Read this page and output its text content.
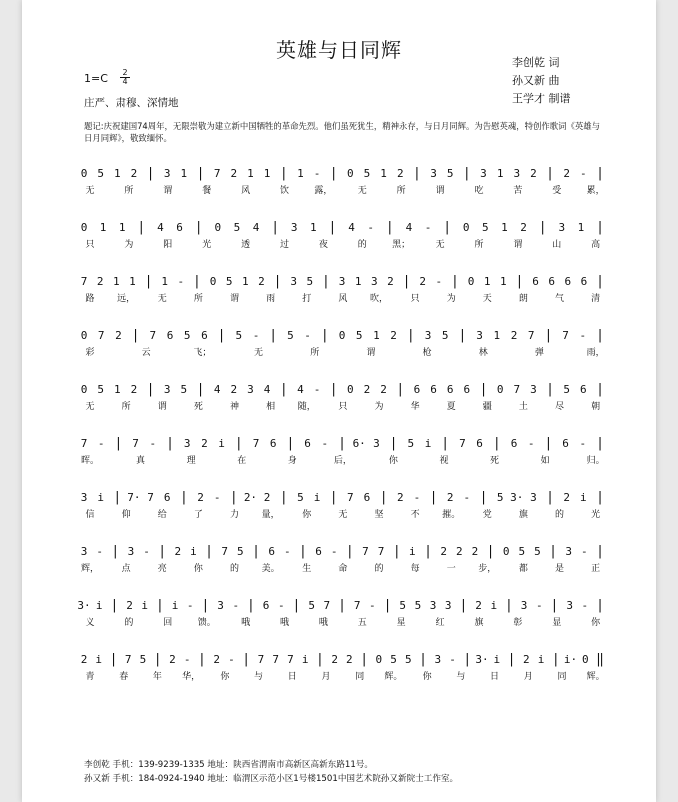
英雄与日同辉
李创乾 词
孙又新 曲
王学才 制谱
1=C	2
4
庄严、肃穆、深情地
题记:庆祝建国74周年，无限崇敬为建立新中国牺牲的革命先烈。他们虽死犹生，精神永存，与日月同辉。为告慰英魂，特创作歌词《英雄与日月同辉》，敬致缅怀。
0 5 1 2 | 3 1 | 7 2 1 1 | 1 - | 0 5 1 2 | 3 5 | 3 1 3 2 | 2 - |
无	所	谓	餐	风	饮	露，	无	所	谓	吃	苦	受	累，
0 1 1 | 4 6 | 0 5 4 | 3 1 | 4 - | 4 - | 0 5 1 2 | 3 1 |
只	为	阳	光	透	过	夜	的	黑；	无	所	谓	山	高
7 2 1 1 | 1 - | 0 5 1 2 | 3 5 | 3 1 3 2 | 2 - | 0 1 1 | 6 6 6 6 |
路	远，	无	所	谓	雨	打	风	吹，	只	为	天	朗	气	清
0 7 2 | 7 6 5 6 | 5 - | 5 - | 0 5 1 2 | 3 5 | 3 1 2 7 | 7 - |
彩	云	飞；	无	所	谓	枪	林	弹	雨，
0 5 1 2 | 3 5 | 4 2 3 4 | 4 - | 0 2 2 | 6 6 6 6 | 0 7 3 | 5 6 |
无	所	谓	死	神	相	随，	只	为	华	夏	疆	土	尽	朝
7 - | 7 - | 3 2 i | 7 6 | 6 - | 6· 3 | 5 i | 7 6 | 6 - | 6 - |
晖。	真	理	在	身	后，	你	视	死	如	归。
3 i | 7· 7 6 | 2 - | 2· 2 | 5 i | 7 6 | 2 - | 2 - | 5 3· 3 | 2 i |
信	仰	给	了	力	量，	你	无	坚	不	摧。	党	旗	的	光
3 - | 3 - | 2 i | 7 5 | 6 - | 6 - | 7 7 | i | 2 2 2 | 0 5 5 | 3 - |
辉，	点	亮	你	的	美。	生	命	的	每	一	步，	都	是	正
3· i | 2 i | i - | 3 - | 6 - | 5 7 | 7 - | 5 5 3 3 | 2 i | 3 - | 3 - |
义	的	回	馈。	哦	哦	哦	五	星	红	旗	彰	显	你
2 i | 7 5 | 2 - | 2 - | 7 7 7 i | 2 2 | 0 5 5 | 3 - | 3· i | 2 i | i· 0 ‖
青	春	年 华， 你	与	日	月	同 辉。 你	与	日	月	同 辉。
李创乾 手机：139-9239-1335 地址：陕西省渭南市高新区高新东路11号。
孙又新 手机：184-0924-1940 地址：临渭区示范小区1号楼1501中国艺术院孙又新院士工作室。
